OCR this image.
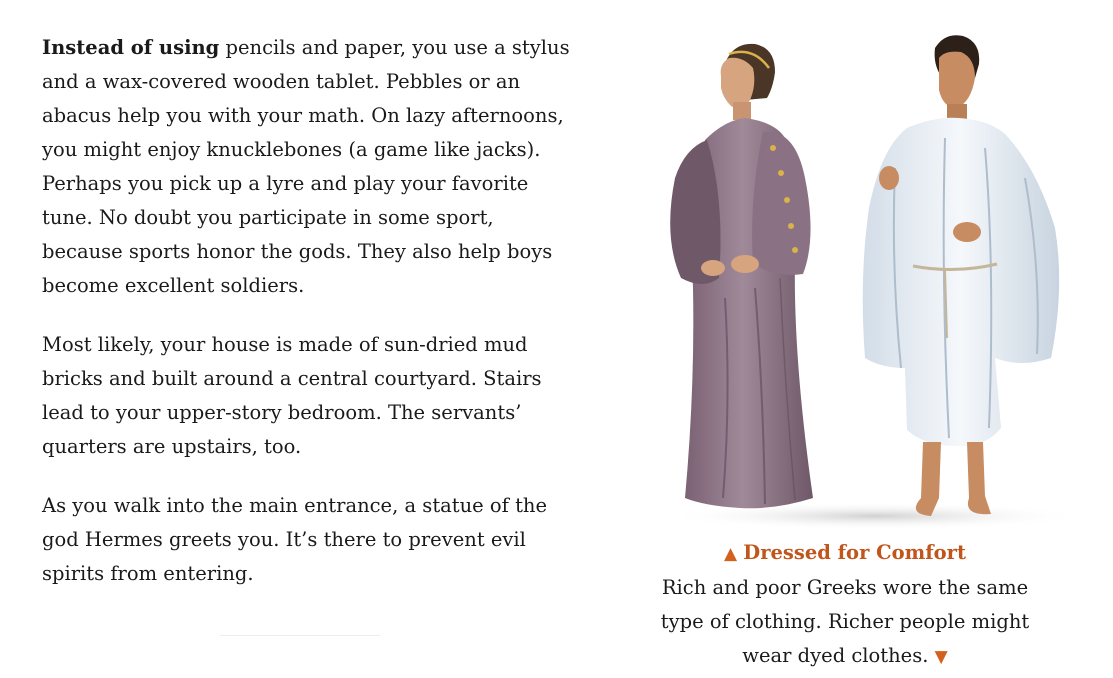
Instead of using pencils and paper, you use a stylus and a wax-covered wooden tablet. Pebbles or an abacus help you with your math. On lazy afternoons, you might enjoy knucklebones (a game like jacks). Perhaps you pick up a lyre and play your favorite tune. No doubt you participate in some sport, because sports honor the gods. They also help boys become excellent soldiers.

Most likely, your house is made of sun-dried mud bricks and built around a central courtyard. Stairs lead to your upper-story bedroom. The servants’ quarters are upstairs, too.

As you walk into the main entrance, a statue of the god Hermes greets you. It’s there to prevent evil spirits from entering.

▲ Dressed for Comfort
Rich and poor Greeks wore the same type of clothing. Richer people might wear dyed clothes. ▼
